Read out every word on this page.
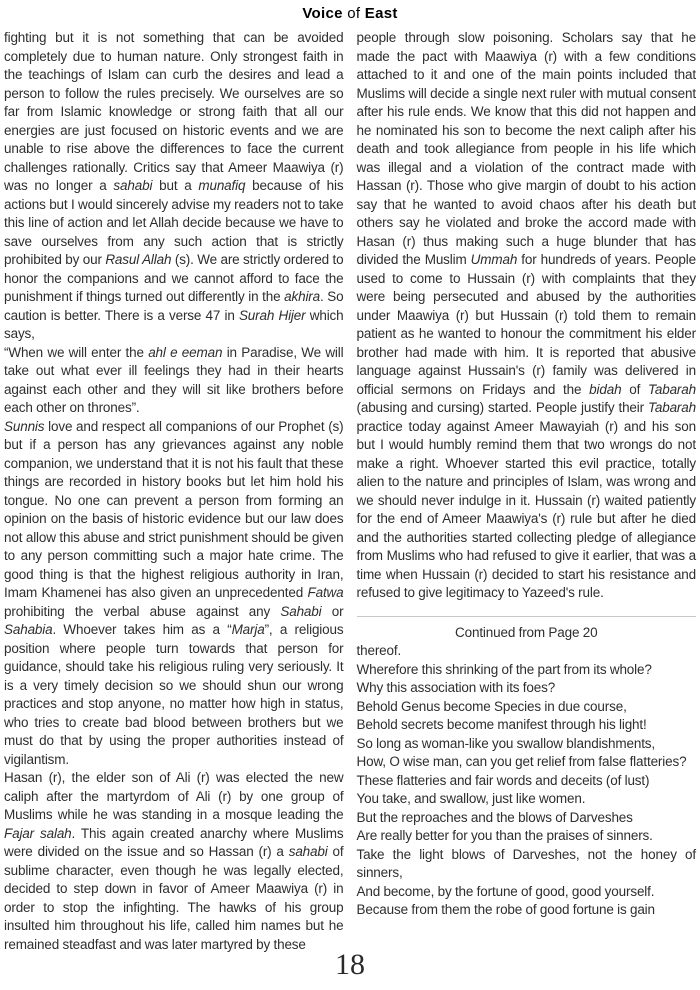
Voice of East

fighting but it is not something that can be avoided completely due to human nature. Only strongest faith in the teachings of Islam can curb the desires and lead a person to follow the rules precisely. We ourselves are so far from Islamic knowledge or strong faith that all our energies are just focused on historic events and we are unable to rise above the differences to face the current challenges rationally. Critics say that Ameer Maawiya (r) was no longer a sahabi but a munafiq because of his actions but I would sincerely advise my readers not to take this line of action and let Allah decide because we have to save ourselves from any such action that is strictly prohibited by our Rasul Allah (s). We are strictly ordered to honor the companions and we cannot afford to face the punishment if things turned out differently in the akhira. So caution is better. There is a verse 47 in Surah Hijer which says,

“When we will enter the ahl e eeman in Paradise, We will take out what ever ill feelings they had in their hearts against each other and they will sit like brothers before each other on thrones”.

Sunnis love and respect all companions of our Prophet (s) but if a person has any grievances against any noble companion, we understand that it is not his fault that these things are recorded in history books but let him hold his tongue. No one can prevent a person from forming an opinion on the basis of historic evidence but our law does not allow this abuse and strict punishment should be given to any person committing such a major hate crime. The good thing is that the highest religious authority in Iran, Imam Khamenei has also given an unprecedented Fatwa prohibiting the verbal abuse against any Sahabi or Sahabia. Whoever takes him as a “Marja”, a religious position where people turn towards that person for guidance, should take his religious ruling very seriously. It is a very timely decision so we should shun our wrong practices and stop anyone, no matter how high in status, who tries to create bad blood between brothers but we must do that by using the proper authorities instead of vigilantism.

Hasan (r), the elder son of Ali (r) was elected the new caliph after the martyrdom of Ali (r) by one group of Muslims while he was standing in a mosque leading the Fajar salah. This again created anarchy where Muslims were divided on the issue and so Hassan (r) a sahabi of sublime character, even though he was legally elected, decided to step down in favor of Ameer Maawiya (r) in order to stop the infighting. The hawks of his group insulted him throughout his life, called him names but he remained steadfast and was later martyred by these

people through slow poisoning. Scholars say that he made the pact with Maawiya (r) with a few conditions attached to it and one of the main points included that Muslims will decide a single next ruler with mutual consent after his rule ends. We know that this did not happen and he nominated his son to become the next caliph after his death and took allegiance from people in his life which was illegal and a violation of the contract made with Hassan (r). Those who give margin of doubt to his action say that he wanted to avoid chaos after his death but others say he violated and broke the accord made with Hasan (r) thus making such a huge blunder that has divided the Muslim Ummah for hundreds of years. People used to come to Hussain (r) with complaints that they were being persecuted and abused by the authorities under Maawiya (r) but Hussain (r) told them to remain patient as he wanted to honour the commitment his elder brother had made with him. It is reported that abusive language against Hussain's (r) family was delivered in official sermons on Fridays and the bidah of Tabarah (abusing and cursing) started. People justify their Tabarah practice today against Ameer Mawayiah (r) and his son but I would humbly remind them that two wrongs do not make a right. Whoever started this evil practice, totally alien to the nature and principles of Islam, was wrong and we should never indulge in it. Hussain (r) waited patiently for the end of Ameer Maawiya's (r) rule but after he died and the authorities started collecting pledge of allegiance from Muslims who had refused to give it earlier, that was a time when Hussain (r) decided to start his resistance and refused to give legitimacy to Yazeed's rule.

Continued from Page 20

thereof.

Wherefore this shrinking of the part from its whole?

Why this association with its foes?

Behold Genus become Species in due course,

Behold secrets become manifest through his light!

So long as woman-like you swallow blandishments,

How, O wise man, can you get relief from false flatteries?

These flatteries and fair words and deceits (of lust)

You take, and swallow, just like women.

But the reproaches and the blows of Darveshes

Are really better for you than the praises of sinners.

Take the light blows of Darveshes, not the honey of sinners,

And become, by the fortune of good, good yourself.

Because from them the robe of good fortune is gain

18
